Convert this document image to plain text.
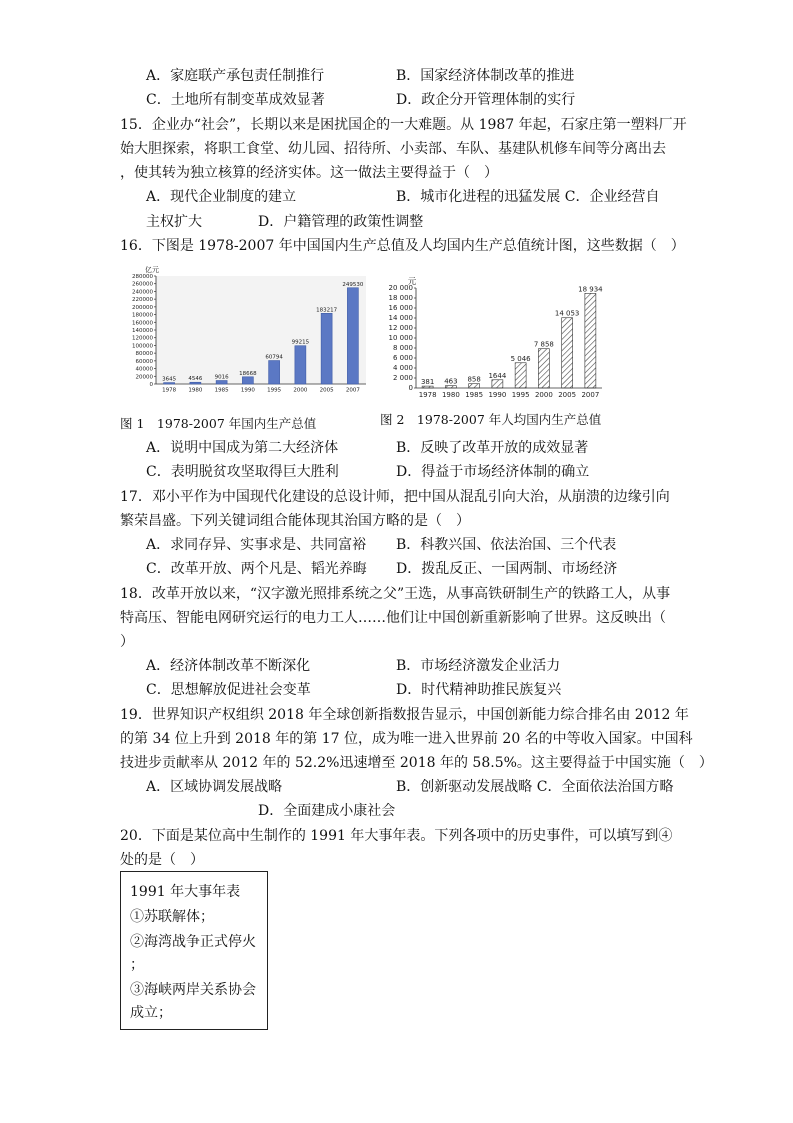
A．家庭联产承包责任制推行	B．国家经济体制改革的推进
C．土地所有制变革成效显著	D．政企分开管理体制的实行
15．企业办“社会”，长期以来是困扰国企的一大难题。从 1987 年起，石家庄第一塑料厂开
始大胆探索，将职工食堂、幼儿园、招待所、小卖部、车队、基建队机修车间等分离出去
，使其转为独立核算的经济实体。这一做法主要得益于（　）
A．现代企业制度的建立	B．城市化进程的迅猛发展 C．企业经营自
主权扩大	D．户籍管理的政策性调整
16．下图是 1978-2007 年中国国内生产总值及人均国内生产总值统计图，这些数据（　）
0
20000
40000
60000
80000
100000
120000
140000
160000
180000
200000
220000
240000
260000
280000
亿元
3645
1978
4546
1980
9016
1985
18668
1990
60794
1995
99215
2000
183217
2005
249530
2007	0
2 000
4 000
6 000
8 000
10 000
12 000
14 000
16 000
18 000
20 000
元
381
1978
463
1980
858
1985
1644
1990
5 046
1995
7 858
2000
14 053
2005
18 934
2007
图 1　1978-2007 年国内生产总值	图 2　1978-2007 年人均国内生产总值
A．说明中国成为第二大经济体	B．反映了改革开放的成效显著
C．表明脱贫攻坚取得巨大胜利	D．得益于市场经济体制的确立
17．邓小平作为中国现代化建设的总设计师，把中国从混乱引向大治，从崩溃的边缘引向
繁荣昌盛。下列关键词组合能体现其治国方略的是（　）
A．求同存异、实事求是、共同富裕 B．科教兴国、依法治国、三个代表
C．改革开放、两个凡是、韬光养晦 D．拨乱反正、一国两制、市场经济
18．改革开放以来，“汉字激光照排系统之父”王选，从事高铁研制生产的铁路工人，从事
特高压、智能电网研究运行的电力工人……他们让中国创新重新影响了世界。这反映出（
）
A．经济体制改革不断深化	B．市场经济激发企业活力
C．思想解放促进社会变革	D．时代精神助推民族复兴
19．世界知识产权组织 2018 年全球创新指数报告显示，中国创新能力综合排名由 2012 年
的第 34 位上升到 2018 年的第 17 位，成为唯一进入世界前 20 名的中等收入国家。中国科
技进步贡献率从 2012 年的 52.2%迅速增至 2018 年的 58.5%。这主要得益于中国实施（　）
A．区域协调发展战略	B．创新驱动发展战略 C．全面依法治国方略
D．全面建成小康社会
20．下面是某位高中生制作的 1991 年大事年表。下列各项中的历史事件，可以填写到④
处的是（　）
1991 年大事年表
①苏联解体；
②海湾战争正式停火
；
③海峡两岸关系协会
成立；
